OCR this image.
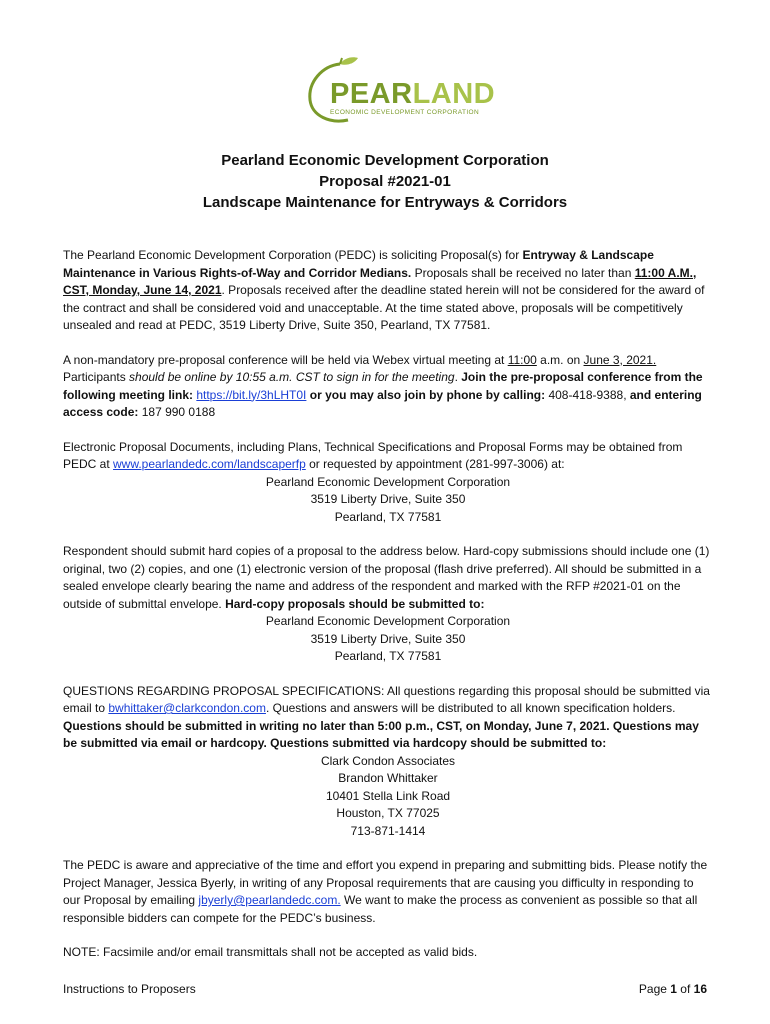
PEARLAND
ECONOMIC DEVELOPMENT CORPORATION
Pearland Economic Development Corporation
Proposal #2021-01
Landscape Maintenance for Entryways & Corridors

The Pearland Economic Development Corporation (PEDC) is soliciting Proposal(s) for Entryway & Landscape Maintenance in Various Rights-of-Way and Corridor Medians. Proposals shall be received no later than 11:00 A.M., CST, Monday, June 14, 2021. Proposals received after the deadline stated herein will not be considered for the award of the contract and shall be considered void and unacceptable. At the time stated above, proposals will be competitively unsealed and read at PEDC, 3519 Liberty Drive, Suite 350, Pearland, TX 77581.

A non-mandatory pre-proposal conference will be held via Webex virtual meeting at 11:00 a.m. on June 3, 2021. Participants should be online by 10:55 a.m. CST to sign in for the meeting. Join the pre-proposal conference from the following meeting link: https://bit.ly/3hLHT0I or you may also join by phone by calling: 408-418-9388, and entering access code: 187 990 0188

Electronic Proposal Documents, including Plans, Technical Specifications and Proposal Forms may be obtained from PEDC at www.pearlandedc.com/landscaperfp or requested by appointment (281-997-3006) at:
Pearland Economic Development Corporation
3519 Liberty Drive, Suite 350
Pearland, TX 77581

Respondent should submit hard copies of a proposal to the address below. Hard-copy submissions should include one (1) original, two (2) copies, and one (1) electronic version of the proposal (flash drive preferred). All should be submitted in a sealed envelope clearly bearing the name and address of the respondent and marked with the RFP #2021-01 on the outside of submittal envelope. Hard-copy proposals should be submitted to:
Pearland Economic Development Corporation
3519 Liberty Drive, Suite 350
Pearland, TX 77581

QUESTIONS REGARDING PROPOSAL SPECIFICATIONS: All questions regarding this proposal should be submitted via email to bwhittaker@clarkcondon.com. Questions and answers will be distributed to all known specification holders. Questions should be submitted in writing no later than 5:00 p.m., CST, on Monday, June 7, 2021. Questions may be submitted via email or hardcopy. Questions submitted via hardcopy should be submitted to:
Clark Condon Associates
Brandon Whittaker
10401 Stella Link Road
Houston, TX 77025
713-871-1414

The PEDC is aware and appreciative of the time and effort you expend in preparing and submitting bids. Please notify the Project Manager, Jessica Byerly, in writing of any Proposal requirements that are causing you difficulty in responding to our Proposal by emailing jbyerly@pearlandedc.com. We want to make the process as convenient as possible so that all responsible bidders can compete for the PEDC’s business.

NOTE: Facsimile and/or email transmittals shall not be accepted as valid bids.

Instructions to Proposers	Page 1 of 16
